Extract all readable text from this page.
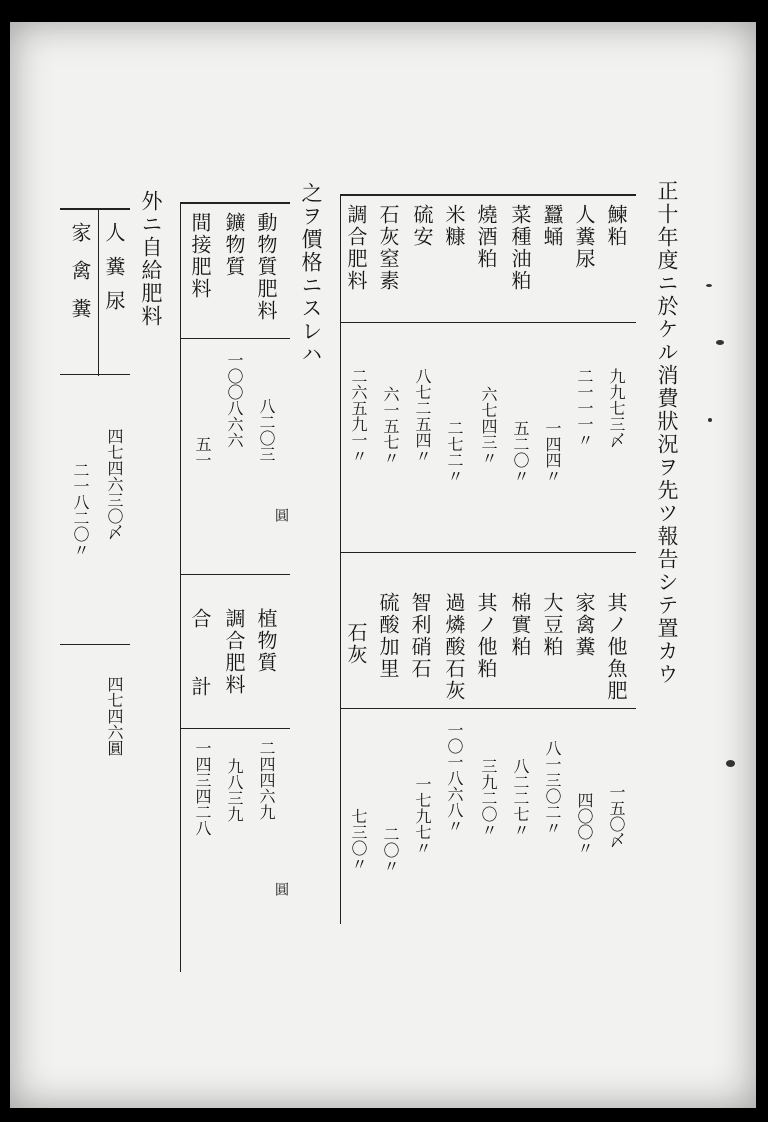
正十年度ニ於ケル消費狀況ヲ先ツ報告シテ置カウ
鰊粕
人糞尿
蠶蛹
菜種油粕
燒酒粕
米糠
硫安
石灰窒素
調合肥料
九九七三〆
二一一一〃
一四四〃
五二〇〃
六七四三〃
二七二〃
八七二五四〃
六一五七〃
二六五九一〃
其ノ他魚肥
家禽糞
大豆粕
棉實粕
其ノ他粕
過燐酸石灰
智利硝石
硫酸加里
石灰
一五〇〆
四〇〇〃
八一三〇二〃
八二二七〃
三九二〇〃
一〇一八六八〃
一七九七〃
二〇〃
七三〇〃
之ヲ價格ニスレハ
動物質肥料
鑛物質
間接肥料
八二〇三
圓
一〇〇八六六
五一
植物質
調合肥料
合計
二四四六九
圓
九八三九
一四三四二八
外ニ自給肥料
人糞尿
四七四六三〇〆
四七四六圓
家禽糞
二一八二〇〃
